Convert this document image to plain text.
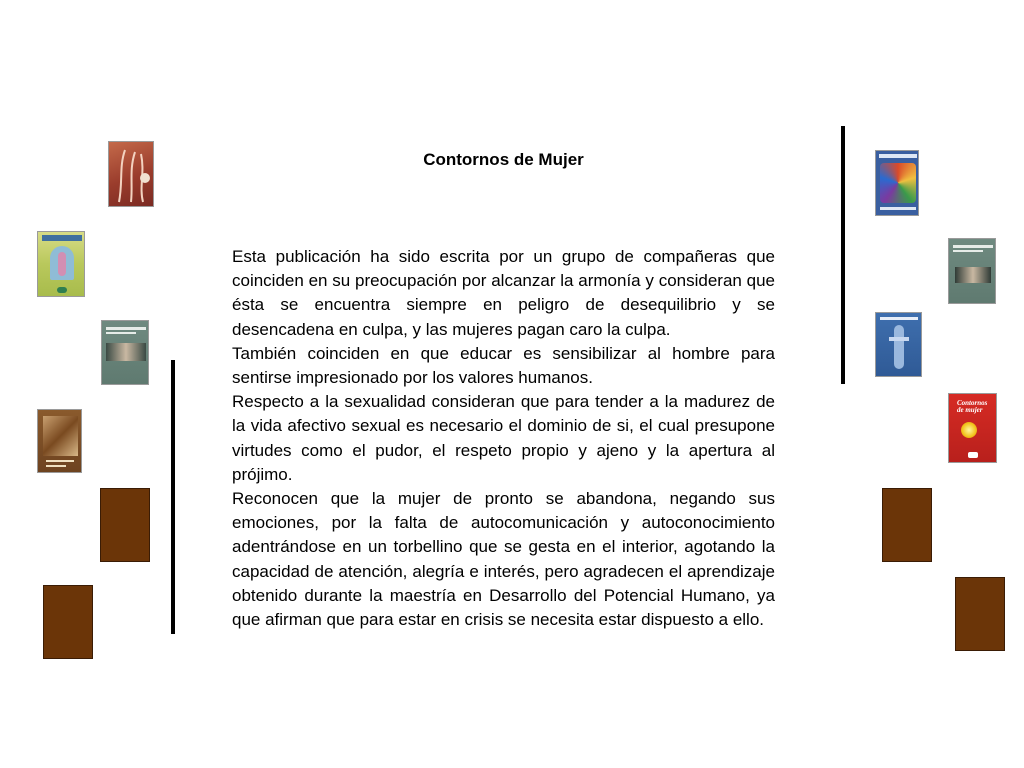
Contornos de Mujer

Esta publicación ha sido escrita por un grupo de compañeras que coinciden en su preocupación por alcanzar la armonía y consideran que ésta se encuentra siempre en peligro de desequilibrio y se desencadena en culpa, y las mujeres pagan caro la culpa.

También coinciden en que educar es sensibilizar al hombre para sentirse impresionado por los valores humanos.

Respecto a la sexualidad consideran que para tender a la madurez de la vida afectivo sexual es necesario el dominio de si, el cual presupone virtudes como el pudor, el respeto propio y ajeno y la apertura al prójimo.

Reconocen que la mujer de pronto se abandona, negando sus emociones, por la falta de autocomunicación y autoconocimiento adentrándose en un torbellino que se gesta en el interior, agotando la capacidad de atención, alegría e interés, pero agradecen el aprendizaje obtenido durante la maestría en Desarrollo del Potencial Humano, ya que afirman que para estar en crisis se necesita estar dispuesto a ello.

Contornos de mujer
